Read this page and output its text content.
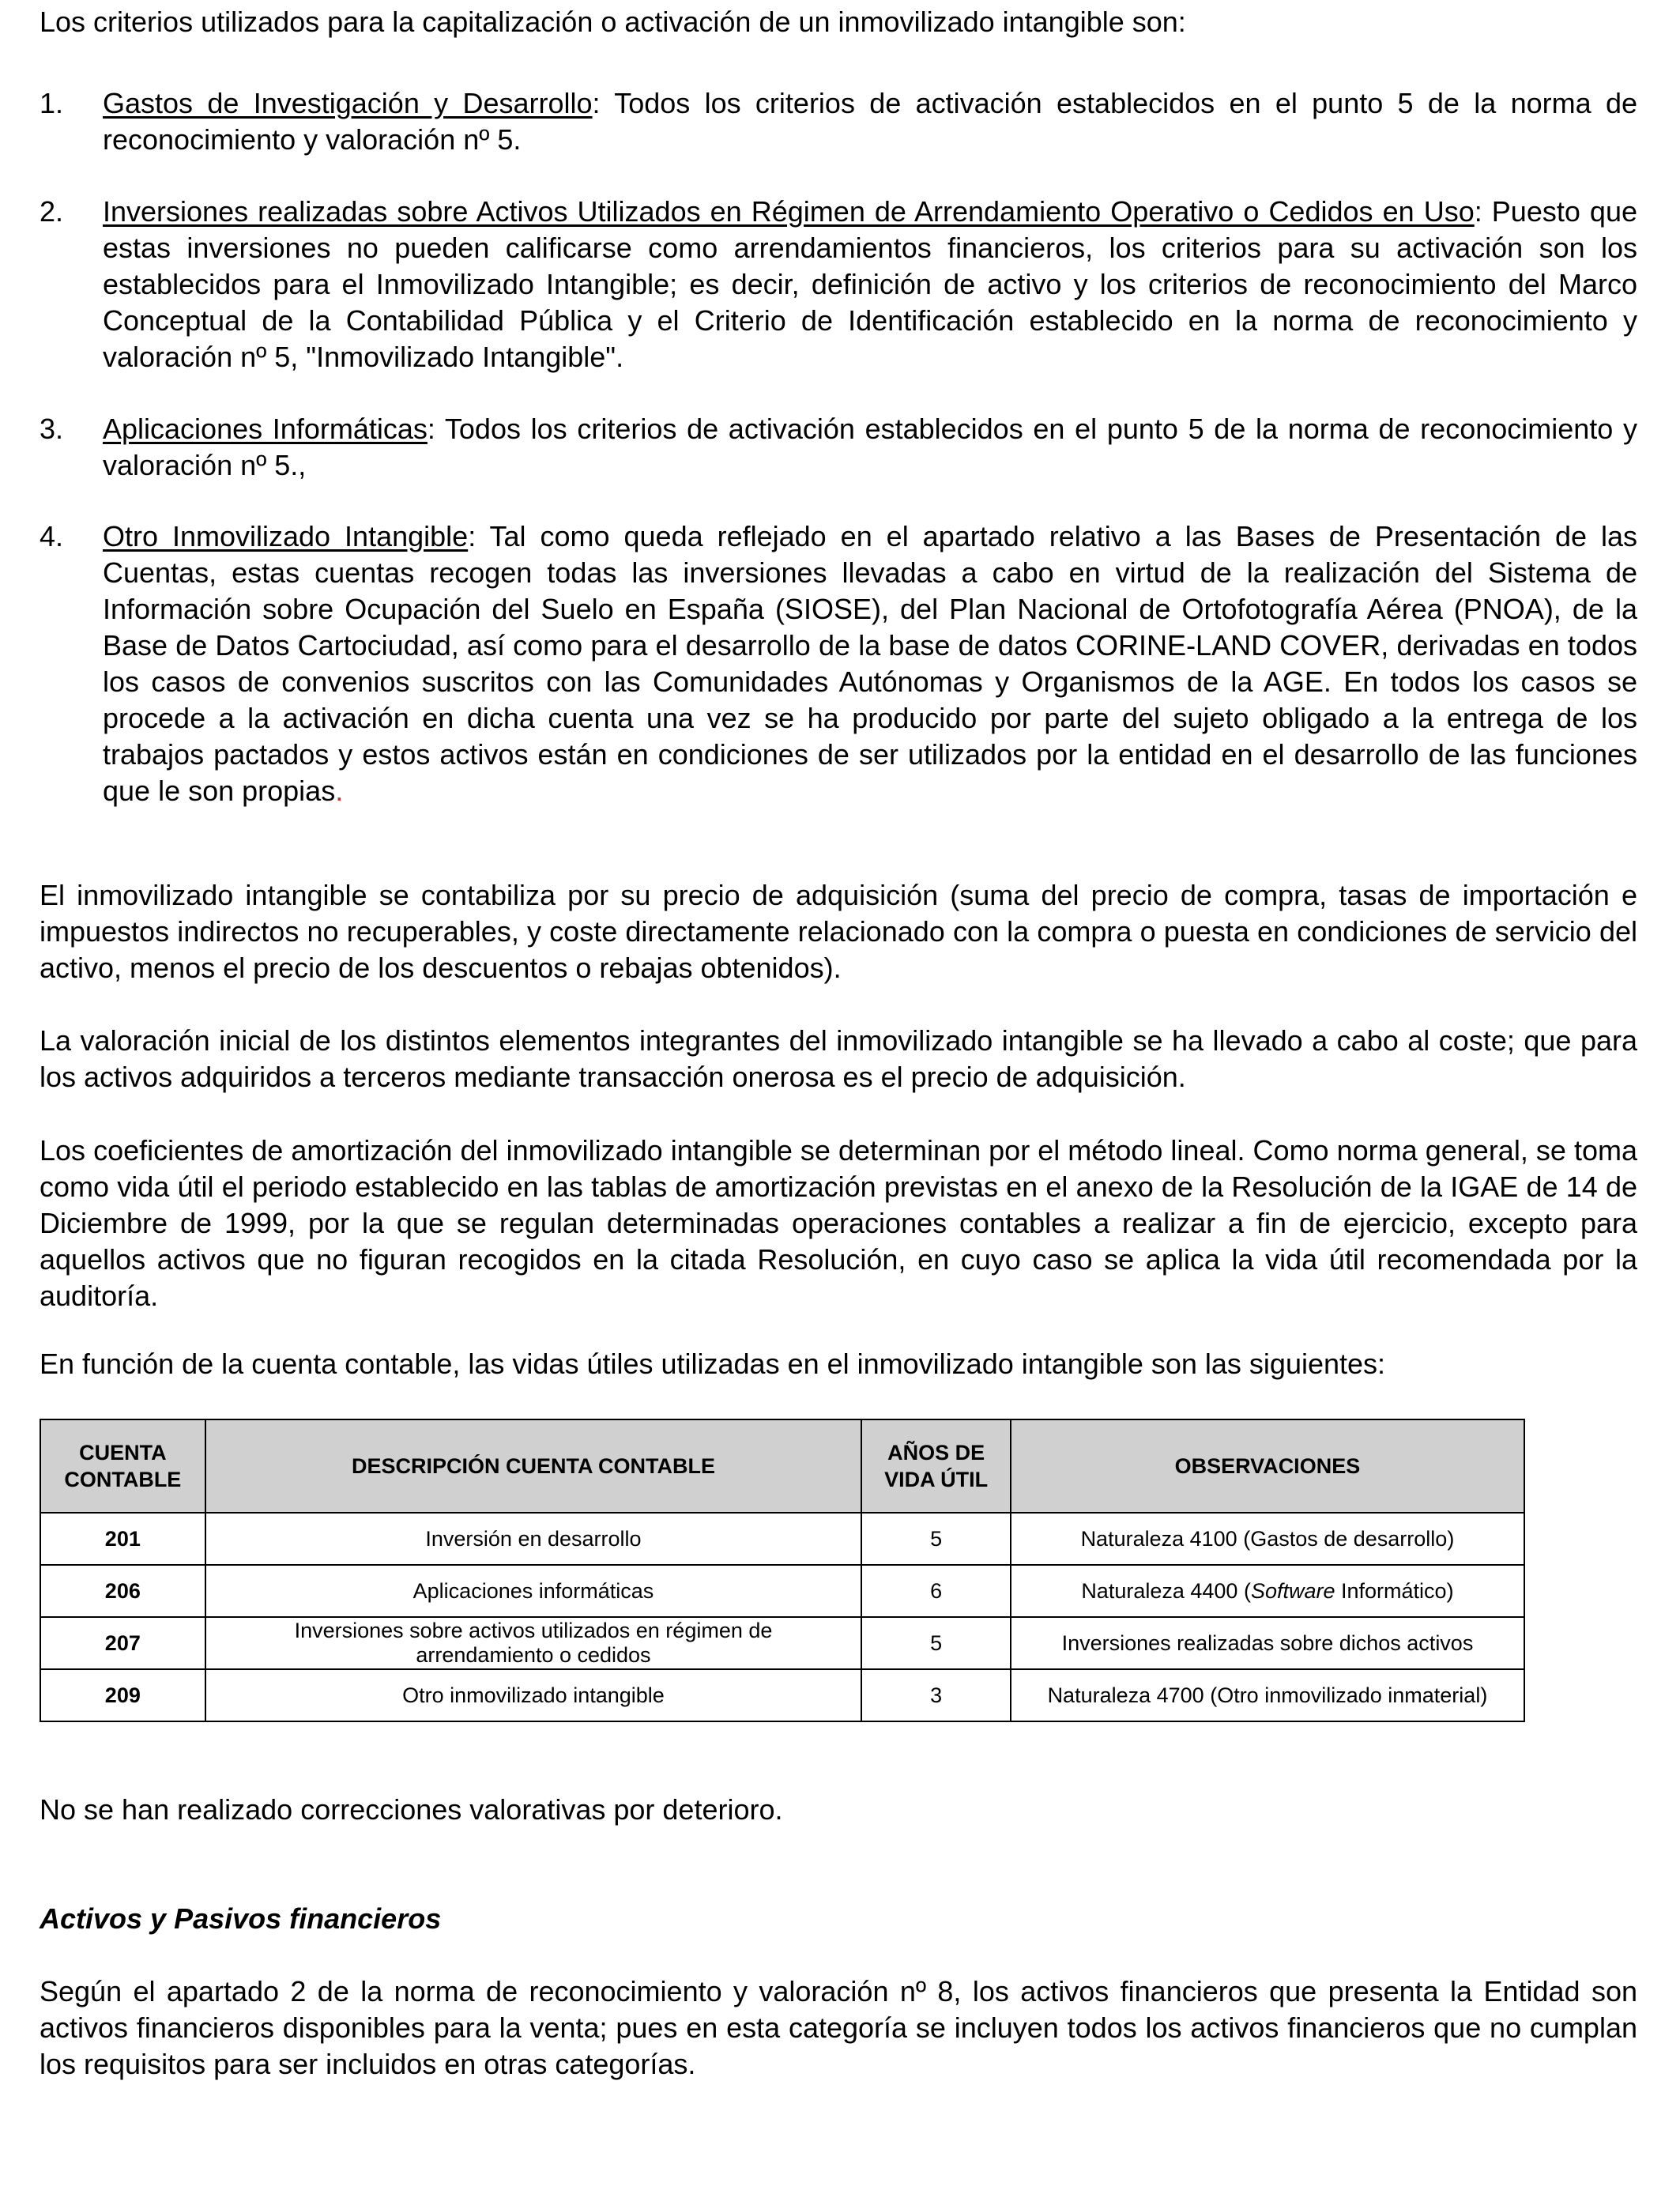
Los criterios utilizados para la capitalización o activación de un inmovilizado intangible son:

1.	Gastos de Investigación y Desarrollo: Todos los criterios de activación establecidos en el punto 5 de la norma de reconocimiento y valoración nº 5.
2.	Inversiones realizadas sobre Activos Utilizados en Régimen de Arrendamiento Operativo o Cedidos en Uso: Puesto que estas inversiones no pueden calificarse como arrendamientos financieros, los criterios para su activación son los establecidos para el Inmovilizado Intangible; es decir, definición de activo y los criterios de reconocimiento del Marco Conceptual de la Contabilidad Pública y el Criterio de Identificación establecido en la norma de reconocimiento y valoración nº 5, "Inmovilizado Intangible".
3.	Aplicaciones Informáticas: Todos los criterios de activación establecidos en el punto 5 de la norma de reconocimiento y valoración nº 5.,
4.	Otro Inmovilizado Intangible: Tal como queda reflejado en el apartado relativo a las Bases de Presentación de las Cuentas, estas cuentas recogen todas las inversiones llevadas a cabo en virtud de la realización del Sistema de Información sobre Ocupación del Suelo en España (SIOSE), del Plan Nacional de Ortofotografía Aérea (PNOA), de la Base de Datos Cartociudad, así como para el desarrollo de la base de datos CORINE-LAND COVER, derivadas en todos los casos de convenios suscritos con las Comunidades Autónomas y Organismos de la AGE. En todos los casos se procede a la activación en dicha cuenta una vez se ha producido por parte del sujeto obligado a la entrega de los trabajos pactados y estos activos están en condiciones de ser utilizados por la entidad en el desarrollo de las funciones que le son propias.

El inmovilizado intangible se contabiliza por su precio de adquisición (suma del precio de compra, tasas de importación e impuestos indirectos no recuperables, y coste directamente relacionado con la compra o puesta en condiciones de servicio del activo, menos el precio de los descuentos o rebajas obtenidos).

La valoración inicial de los distintos elementos integrantes del inmovilizado intangible se ha llevado a cabo al coste; que para los activos adquiridos a terceros mediante transacción onerosa es el precio de adquisición.

Los coeficientes de amortización del inmovilizado intangible se determinan por el método lineal. Como norma general, se toma como vida útil el periodo establecido en las tablas de amortización previstas en el anexo de la Resolución de la IGAE de 14 de Diciembre de 1999, por la que se regulan determinadas operaciones contables a realizar a fin de ejercicio, excepto para aquellos activos que no figuran recogidos en la citada Resolución, en cuyo caso se aplica la vida útil recomendada por la auditoría.

En función de la cuenta contable, las vidas útiles utilizadas en el inmovilizado intangible son las siguientes:

CUENTA CONTABLE	DESCRIPCIÓN CUENTA CONTABLE	AÑOS DE VIDA ÚTIL	OBSERVACIONES
201	Inversión en desarrollo	5	Naturaleza 4100 (Gastos de desarrollo)
206	Aplicaciones informáticas	6	Naturaleza 4400 (Software Informático)
207	Inversiones sobre activos utilizados en régimen de arrendamiento o cedidos	5	Inversiones realizadas sobre dichos activos
209	Otro inmovilizado intangible	3	Naturaleza 4700 (Otro inmovilizado inmaterial)

No se han realizado correcciones valorativas por deterioro.

Activos y Pasivos financieros

Según el apartado 2 de la norma de reconocimiento y valoración nº 8, los activos financieros que presenta la Entidad son activos financieros disponibles para la venta; pues en esta categoría se incluyen todos los activos financieros que no cumplan los requisitos para ser incluidos en otras categorías.
